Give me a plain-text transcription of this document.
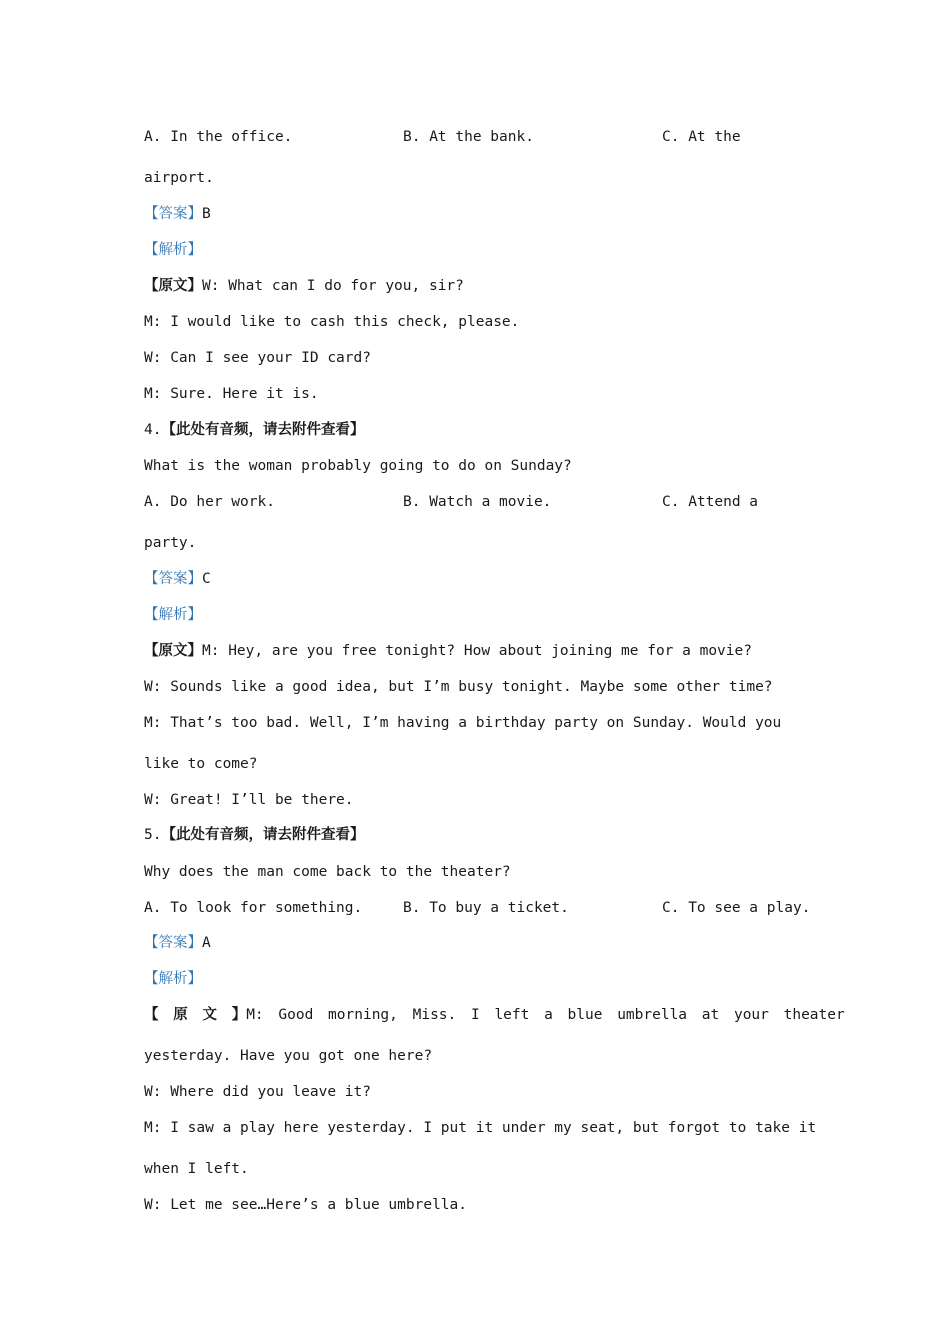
A. In the office.	B. At the bank.	C. At the
airport.
【答案】B
【解析】
【原文】W: What can I do for you, sir?
M: I would like to cash this check, please.
W: Can I see your ID card?
M: Sure. Here it is.
4.【此处有音频，请去附件查看】
What is the woman probably going to do on Sunday?
A. Do her work.	B. Watch a movie.	C. Attend a
party.
【答案】C
【解析】
【原文】M: Hey, are you free tonight? How about joining me for a movie?
W: Sounds like a good idea, but I’m busy tonight. Maybe some other time?
M: That’s too bad. Well, I’m having a birthday party on Sunday. Would you
like to come?
W: Great! I’ll be there.
5.【此处有音频，请去附件查看】
Why does the man come back to the theater?
A. To look for something.	B. To buy a ticket.	C. To see a play.
【答案】A
【解析】
【 原 文 】M: Good morning, Miss. I left a blue umbrella at your theater
yesterday. Have you got one here?
W: Where did you leave it?
M: I saw a play here yesterday. I put it under my seat, but forgot to take it
when I left.
W: Let me see…Here’s a blue umbrella.
